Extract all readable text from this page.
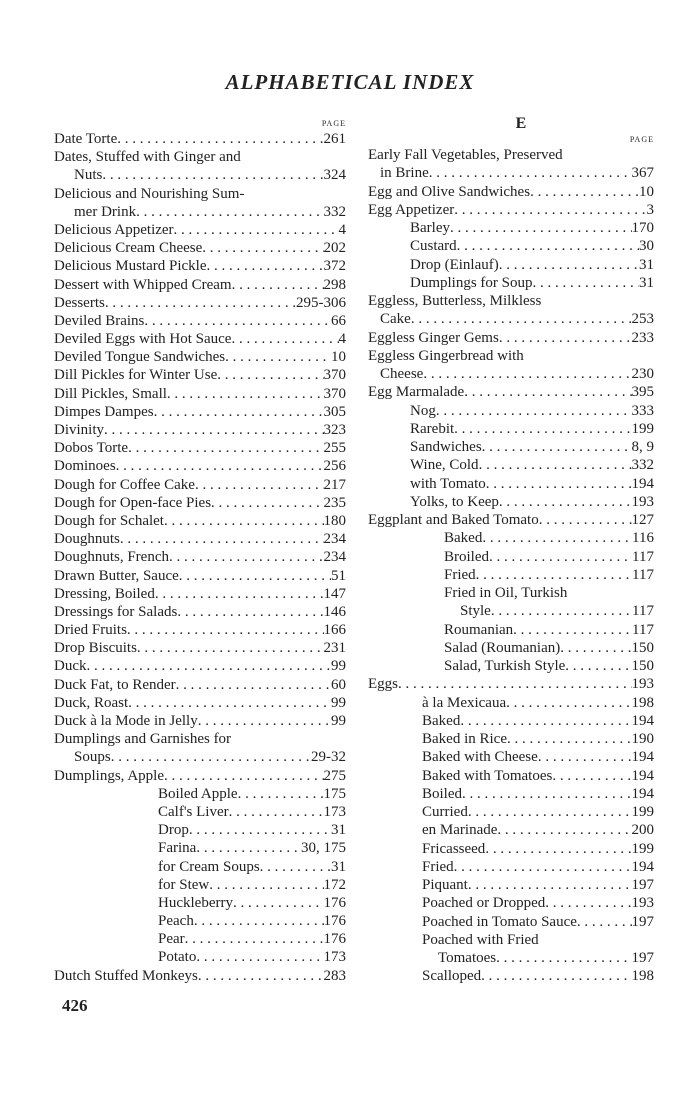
ALPHABETICAL INDEX
PAGE
Date Torte . . .	261
Dates, Stuffed with Ginger and
Nuts . . .	324
Delicious and Nourishing Sum-
mer Drink . . .	332
Delicious Appetizer . . .	4
Delicious Cream Cheese . . .	202
Delicious Mustard Pickle . . .	372
Dessert with Whipped Cream . . .	298
Desserts . . .	295-306
Deviled Brains . . .	66
Deviled Eggs with Hot Sauce . . .	4
Deviled Tongue Sandwiches . . .	10
Dill Pickles for Winter Use . . .	370
Dill Pickles, Small . . .	370
Dimpes Dampes . . .	305
Divinity . . .	323
Dobos Torte . . .	255
Dominoes . . .	256
Dough for Coffee Cake . . .	217
Dough for Open-face Pies . . .	235
Dough for Schalet . . .	180
Doughnuts . . .	234
Doughnuts, French . . .	234
Drawn Butter, Sauce . . .	51
Dressing, Boiled . . .	147
Dressings for Salads . . .	146
Dried Fruits . . .	166
Drop Biscuits . . .	231
Duck . . .	99
Duck Fat, to Render . . .	60
Duck, Roast . . .	99
Duck à la Mode in Jelly . . .	99
Dumplings and Garnishes for
Soups . . .	29-32
Dumplings, Apple . . .	275
Boiled Apple . . .	175
Calf's Liver . . .	173
Drop . . .	31
Farina . . .	30, 175
for Cream Soups . . .	31
for Stew . . .	172
Huckleberry . . .	176
Peach . . .	176
Pear . . .	176
Potato . . .	173
Dutch Stuffed Monkeys . . .	283
E
PAGE
Early Fall Vegetables, Preserved
in Brine . . .	367
Egg and Olive Sandwiches . . .	10
Egg Appetizer . . .	3
Barley . . .	170
Custard . . .	30
Drop (Einlauf) . . .	31
Dumplings for Soup . . .	31
Eggless, Butterless, Milkless
Cake . . .	253
Eggless Ginger Gems . . .	233
Eggless Gingerbread with
Cheese . . .	230
Egg Marmalade . . .	395
Nog . . .	333
Rarebit . . .	199
Sandwiches . . .	8, 9
Wine, Cold . . .	332
with Tomato . . .	194
Yolks, to Keep . . .	193
Eggplant and Baked Tomato . . .	127
Baked . . .	116
Broiled . . .	117
Fried . . .	117
Fried in Oil, Turkish
Style . . .	117
Roumanian . . .	117
Salad (Roumanian) . . .	150
Salad, Turkish Style . . .	150
Eggs . . .	193
à la Mexicaua . . .	198
Baked . . .	194
Baked in Rice . . .	190
Baked with Cheese . . .	194
Baked with Tomatoes . . .	194
Boiled . . .	194
Curried . . .	199
en Marinade . . .	200
Fricasseed . . .	199
Fried . . .	194
Piquant . . .	197
Poached or Dropped . . .	193
Poached in Tomato Sauce . . .	197
Poached with Fried
Tomatoes . . .	197
Scalloped . . .	198
426
